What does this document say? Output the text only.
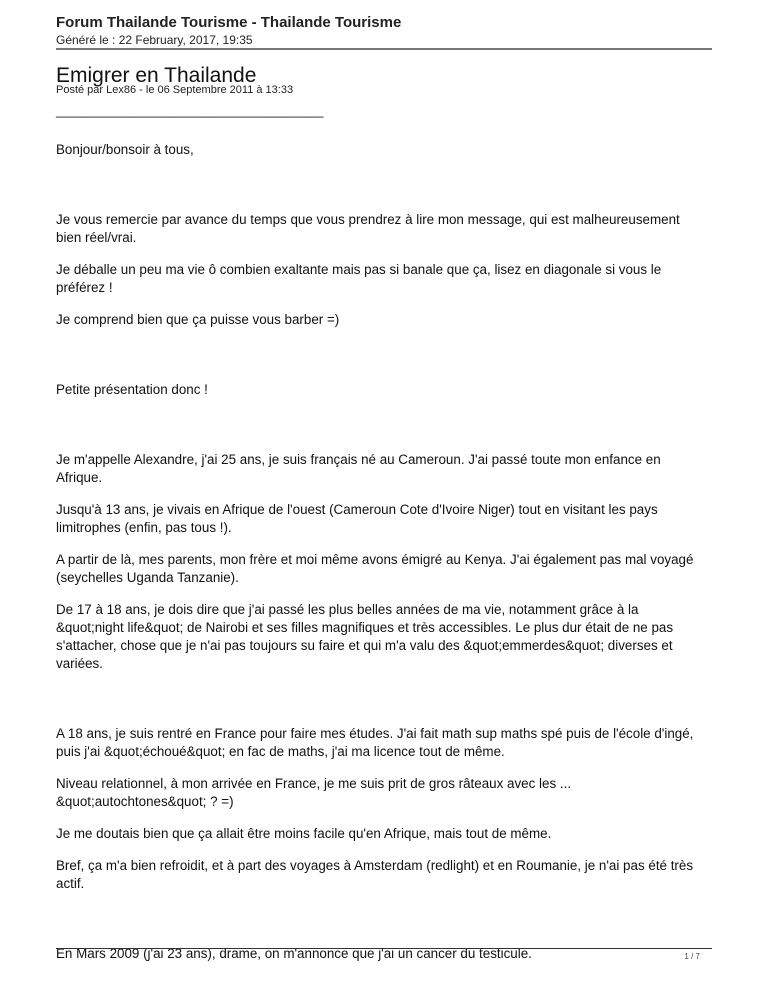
Forum Thailande Tourisme - Thailande Tourisme
Généré le : 22 February, 2017, 19:35
Emigrer en Thailande
Posté par Lex86 - le 06 Septembre 2011 à 13:33
_____________________________________

Bonjour/bonsoir à tous,

Je vous remercie par avance du temps que vous prendrez à lire mon message, qui est malheureusement bien réel/vrai.

Je déballe un peu ma vie ô combien exaltante mais pas si banale que ça, lisez en diagonale si vous le préférez !

Je comprend bien que ça puisse vous barber =)

Petite présentation donc !

Je m'appelle Alexandre, j'ai 25 ans, je suis français né au Cameroun. J'ai passé toute mon enfance en Afrique.

Jusqu'à 13 ans, je vivais en Afrique de l'ouest (Cameroun Cote d'Ivoire Niger) tout en visitant les pays limitrophes (enfin, pas tous !).

A partir de là, mes parents, mon frère et moi même avons émigré au Kenya. J'ai également pas mal voyagé (seychelles Uganda Tanzanie).

De 17 à 18 ans, je dois dire que j'ai passé les plus belles années de ma vie, notamment grâce à la &quot;night life&quot; de Nairobi et ses filles magnifiques et très accessibles. Le plus dur était de ne pas s'attacher, chose que je n'ai pas toujours su faire et qui m'a valu des &quot;emmerdes&quot; diverses et variées.

A 18 ans, je suis rentré en France pour faire mes études. J'ai fait math sup maths spé puis de l'école d'ingé, puis j'ai &quot;échoué&quot; en fac de maths, j'ai ma licence tout de même.

Niveau relationnel, à mon arrivée en France, je me suis prit de gros râteaux avec les ... &quot;autochtones&quot; ? =)

Je me doutais bien que ça allait être moins facile qu'en Afrique, mais tout de même.

Bref, ça m'a bien refroidit, et à part des voyages à Amsterdam (redlight) et en Roumanie, je n'ai pas été très actif.

En Mars 2009 (j'ai 23 ans), drame, on m'annonce que j'ai un cancer du testicule.	1 / 7
